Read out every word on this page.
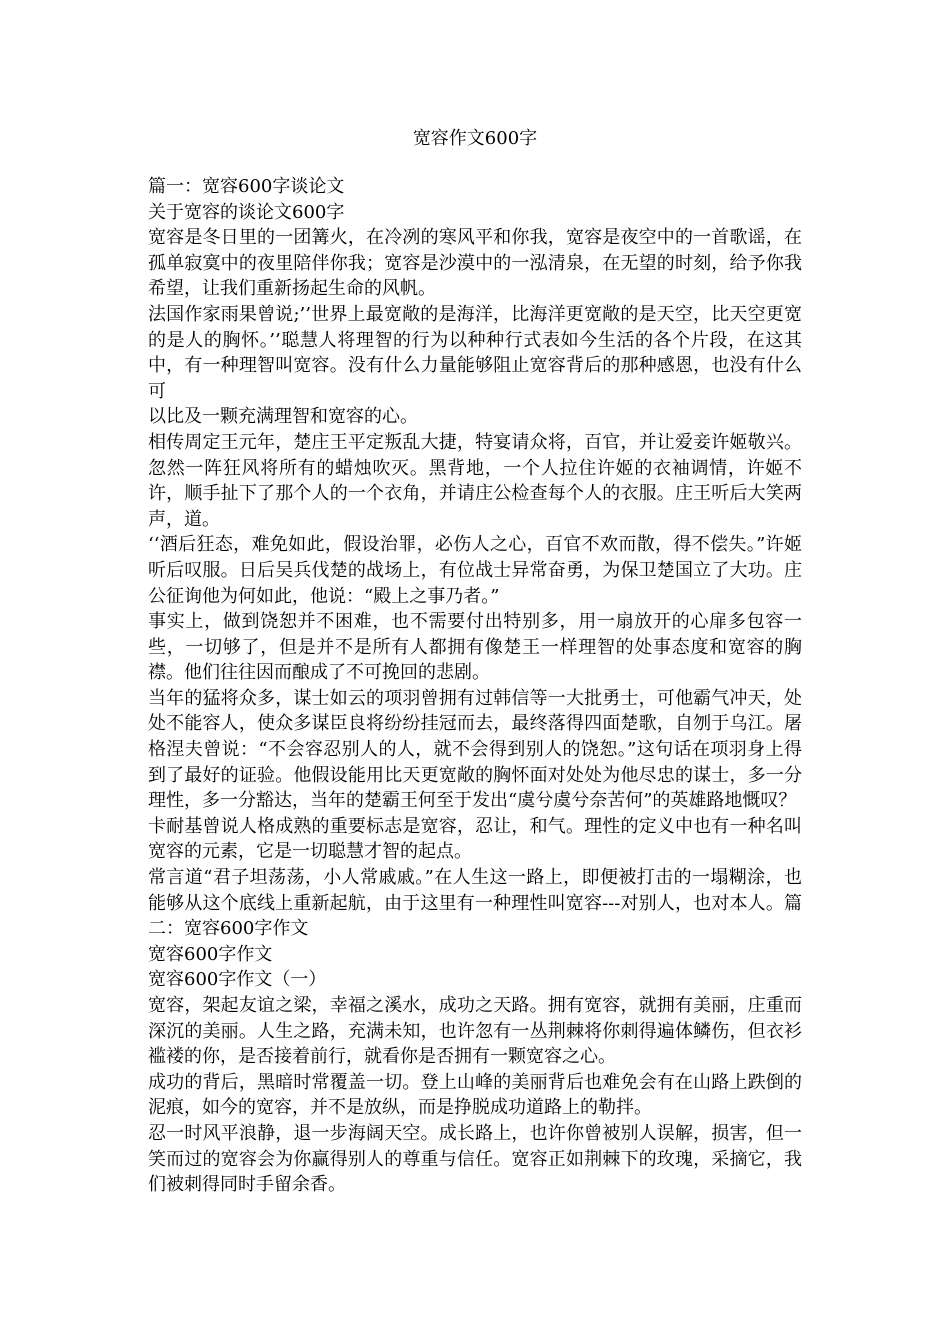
宽容作文600字

篇一：宽容600字谈论文

关于宽容的谈论文600字

宽容是冬日里的一团篝火，在冷冽的寒风平和你我，宽容是夜空中的一首歌谣，在孤单寂寞中的夜里陪伴你我；宽容是沙漠中的一泓清泉，在无望的时刻，给予你我希望，让我们重新扬起生命的风帆。

法国作家雨果曾说;’’世界上最宽敞的是海洋，比海洋更宽敞的是天空，比天空更宽的是人的胸怀。’’聪慧人将理智的行为以种种行式表如今生活的各个片段，在这其中，有一种理智叫宽容。没有什么力量能够阻止宽容背后的那种感恩，也没有什么可

以比及一颗充满理智和宽容的心。

相传周定王元年，楚庄王平定叛乱大捷，特宴请众将，百官，并让爱妾许姬敬兴。忽然一阵狂风将所有的蜡烛吹灭。黑背地，一个人拉住许姬的衣袖调情，许姬不许，顺手扯下了那个人的一个衣角，并请庄公检查每个人的衣服。庄王听后大笑两声，道。

‘‘酒后狂态，难免如此，假设治罪，必伤人之心，百官不欢而散，得不偿失。”许姬听后叹服。日后吴兵伐楚的战场上，有位战士异常奋勇，为保卫楚国立了大功。庄公征询他为何如此，他说：“殿上之事乃者。”

事实上，做到饶恕并不困难，也不需要付出特别多，用一扇放开的心扉多包容一些，一切够了，但是并不是所有人都拥有像楚王一样理智的处事态度和宽容的胸襟。他们往往因而酿成了不可挽回的悲剧。

当年的猛将众多，谋士如云的项羽曾拥有过韩信等一大批勇士，可他霸气冲天，处处不能容人，使众多谋臣良将纷纷挂冠而去，最终落得四面楚歌，自刎于乌江。屠格涅夫曾说：“不会容忍别人的人，就不会得到别人的饶恕。”这句话在项羽身上得到了最好的证验。他假设能用比天更宽敞的胸怀面对处处为他尽忠的谋士，多一分理性，多一分豁达，当年的楚霸王何至于发出“虞兮虞兮奈苦何”的英雄路地慨叹？

卡耐基曾说人格成熟的重要标志是宽容，忍让，和气。理性的定义中也有一种名叫宽容的元素，它是一切聪慧才智的起点。

常言道“君子坦荡荡，小人常戚戚。”在人生这一路上，即便被打击的一塌糊涂，也能够从这个底线上重新起航，由于这里有一种理性叫宽容---对别人，也对本人。篇二：宽容600字作文

宽容600字作文

宽容600字作文（一）

宽容，架起友谊之梁，幸福之溪水，成功之天路。拥有宽容，就拥有美丽，庄重而深沉的美丽。人生之路，充满未知，也许忽有一丛荆棘将你刺得遍体鳞伤，但衣衫褴褛的你，是否接着前行，就看你是否拥有一颗宽容之心。

成功的背后，黑暗时常覆盖一切。登上山峰的美丽背后也难免会有在山路上跌倒的泥痕，如今的宽容，并不是放纵，而是挣脱成功道路上的勒拌。

忍一时风平浪静，退一步海阔天空。成长路上，也许你曾被别人误解，损害，但一笑而过的宽容会为你赢得别人的尊重与信任。宽容正如荆棘下的玫瑰，采摘它，我们被刺得同时手留余香。
